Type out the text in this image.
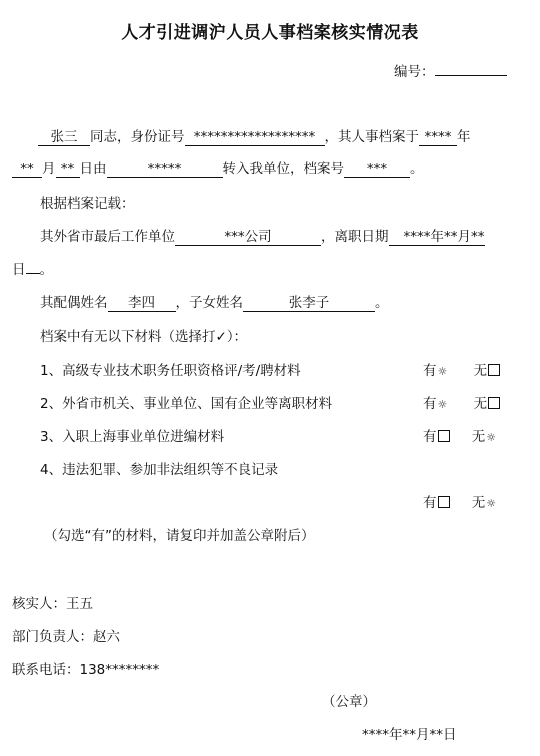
人才引进调沪人员人事档案核实情况表
编号：
张三 同志，身份证号 ****************** ，其人事档案于 **** 年
** 月 ** 日由	*****	转入我单位，档案号 *** 。
根据档案记载：
其外省市最后工作单位	***公司	，离职日期 ****年**月**
日 。
其配偶姓名 李四 ，子女姓名	张李子	。
档案中有无以下材料（选择打✓）：
1、高级专业技术职务任职资格评/考/聘材料	有☼ 无
2、外省市机关、事业单位、国有企业等离职材料	有☼ 无
3、入职上海事业单位进编材料	有	无☼
4、违法犯罪、参加非法组织等不良记录
有	无☼
（勾选“有”的材料，请复印并加盖公章附后）
核实人：王五
部门负责人：赵六
联系电话：138********
（公章）
****年**月**日
